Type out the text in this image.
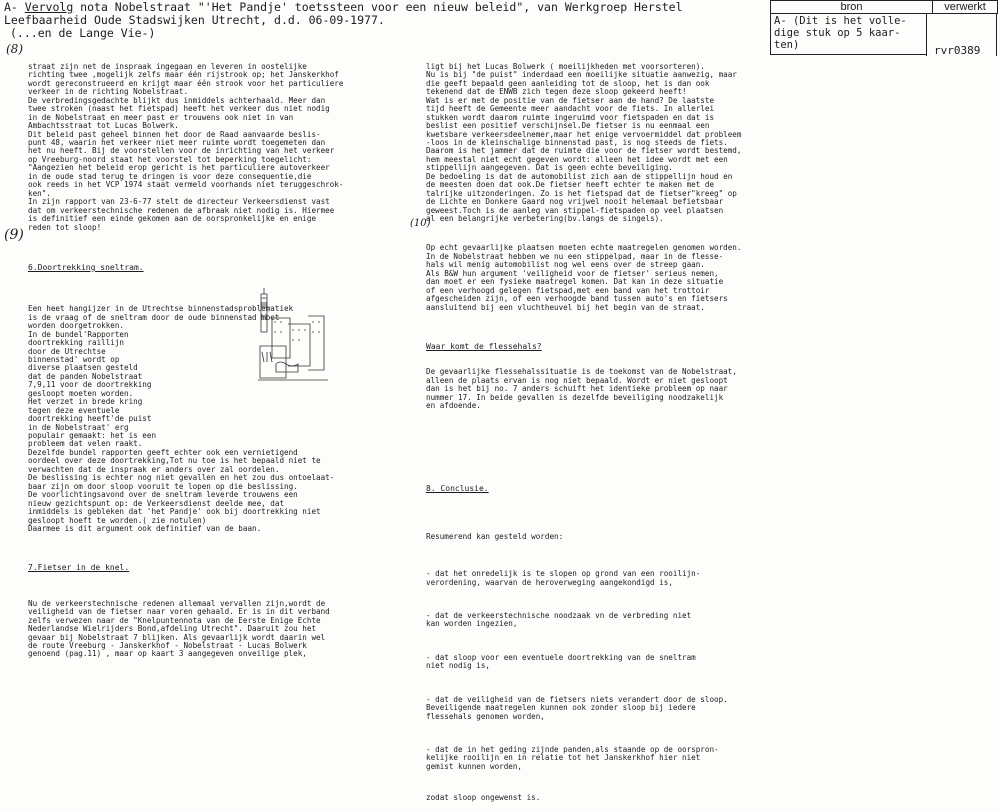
A- Vervolg nota Nobelstraat "'Het Pandje' toetssteen voor een nieuw beleid", van Werkgroep Herstel
Leefbaarheid Oude Stadswijken Utrecht, d.d. 06-09-1977.
(...en de Lange Vie-)
bron	verwerkt
A- (Dit is het volle-
dige stuk op 5 kaar-
ten)	rvr0389
(8)
(9)
(10)

straat zijn net de inspraak ingegaan en leveren in oostelijke
richting twee ,mogelijk zelfs maar één rijstrook op; het Janskerkhof
wordt gereconstrueerd en krijgt maar één strook voor het particuliere
verkeer in de richting Nobelstraat.
De verbredingsgedachte blijkt dus inmiddels achterhaald. Meer dan
twee stroken (naast het fietspad) heeft het verkeer dus niet nodig
in de Nobelstraat en meer past er trouwens ook niet in van
Ambachtsstraat tot Lucas Bolwerk.
Dit beleid past geheel binnen het door de Raad aanvaarde beslis-
punt 48, waarin het verkeer niet meer ruimte wordt toegemeten dan
het nu heeft. Bij de voorstellen voor de inrichting van het verkeer
op Vreeburg-noord staat het voorstel tot beperking toegelicht:
"Aangezien het beleid erop gericht is het particuliere autoverkeer
in de oude stad terug te dringen is voor deze consequentie,die
ook reeds in het VCP 1974 staat vermeld voorhands niet teruggeschrok-
ken".
In zijn rapport van 23-6-77 stelt de directeur Verkeersdienst vast
dat om verkeerstechnische redenen de afbraak niet nodig is. Hiermee
is definitief een einde gekomen aan de oorspronkelijke en enige
reden tot sloop!

6.Doortrekking sneltram.

Een heet hangijzer in de Utrechtse binnenstadsproblematiek
is de vraag of de sneltram door de oude binnenstad moet
worden doorgetrokken.
In de bundel'Rapporten
doortrekking raillijn
door de Utrechtse
binnenstad' wordt op
diverse plaatsen gesteld
dat de panden Nobelstraat
7,9,11 voor de doortrekking
gesloopt moeten worden.
Het verzet in brede kring
tegen deze eventuele
doortrekking heeft'de puist
in de Nobelstraat' erg
populair gemaakt: het is een
probleem dat velen raakt.
Dezelfde bundel rapporten geeft echter ook een vernietigend
oordeel over deze doortrekking,Tot nu toe is het bepaald niet te
verwachten dat de inspraak er anders over zal oordelen.
De beslissing is echter nog niet gevallen en het zou dus ontoelaat-
baar zijn om door sloop vooruit te lopen op die beslissing.
De voorlichtingsavond over de sneltram leverde trouwens een
nieuw gezichtspunt op: de Verkeersdienst deelde mee, dat
inmiddels is gebleken dat 'het Pandje' ook bij doortrekking niet
gesloopt hoeft te worden.( zie notulen)
Daarmee is dit argument ook definitief van de baan.

7.Fietser in de knel.

Nu de verkeerstechnische redenen allemaal vervallen zijn,wordt de
veiligheid van de fietser naar voren gehaald. Er is in dit verband
zelfs verwezen naar de "Knelpuntennota van de Eerste Enige Echte
Nederlandse Wielrijders Bond,afdeling Utrecht". Daaruit zou het
gevaar bij Nobelstraat 7 blijken. Als gevaarlijk wordt daarin wel
de route Vreeburg - Janskerkhof - Nobelstraat - Lucas Bolwerk
genoend (pag.11) , maar op kaart 3 aangegeven onveilige plek,

ligt bij het Lucas Bolwerk ( moeilijkheden met voorsorteren).
Nu is bij "de puist" inderdaad een moeilijke situatie aanwezig, maar
die geeft bepaald geen aanleiding tot de sloop, het is dan ook
tekenend dat de ENWB zich tegen deze sloop gekeerd heeft!
Wat is er met de positie van de fietser aan de hand? De laatste
tijd heeft de Gemeente meer aandacht voor de fiets. In allerlei
stukken wordt daarom ruimte ingeruimd voor fietspaden en dat is
beslist een positief verschijnsel.De fietser is nu eenmaal een
kwetsbare verkeersdeelnemer,maar het enige vervoermiddel dat probleem
-loos in de kleinschalige binnenstad past, is nog steeds de fiets.
Daarom is het jammer dat de ruimte die voor de fietser wordt bestemd,
hem meestal niet echt gegeven wordt: alleen het idee wordt met een
stippellijn aangegeven. Dat is geen echte beveiliging.
De bedoeling is dat de automobilist zich aan de stippellijn houd en
de meesten doen dat ook.De fietser heeft echter te maken met de
talrijke uitzonderingen. Zo is het fietspad dat de fietser"kreeg" op
de Lichte en Donkere Gaard nog vrijwel nooit helemaal befietsbaar
geweest.Toch is de aanleg van stippel-fietspaden op veel plaatsen
al een belangrijke verbetering(bv.langs de singels).

Op echt gevaarlijke plaatsen moeten echte maatregelen genomen worden.
In de Nobelstraat hebben we nu een stippelpad, maar in de flesse-
hals wil menig automobilist nog wel eens over de streep gaan.
Als B&W hun argument 'veiligheid voor de fietser' serieus nemen,
dan moet er een fysieke maatregel komen. Dat kan in deze situatie
of een verhoogd gelegen fietspad,met een band van het trottoir
afgescheiden zijn, of een verhoogde band tussen auto's en fietsers
aansluitend bij een vluchtheuvel bij het begin van de straat.

Waar komt de flessehals?

De gevaarlijke flessehalssituatie is de toekomst van de Nobelstraat,
alleen de plaats ervan is nog niet bepaald. Wordt er niet gesloopt
dan is het bij no. 7 anders schuift het identieke probleem op naar
nummer 17. In beide gevallen is dezelfde beveiliging noodzakelijk
en afdoende.

8. Conclusie.

Resumerend kan gesteld worden:

- dat het onredelijk is te slopen op grond van een rooilijn-
verordening, waarvan de heroverweging aangekondigd is,

- dat de verkeerstechnische noodzaak vn de verbreding niet
kan worden ingezien,

- dat sloop voor een eventuele doortrekking van de sneltram
niet nodig is,

- dat de veiligheid van de fietsers niets verandert door de sloop.
Beveiligende maatregelen kunnen ook zonder sloop bij iedere
flessehals genomen worden,

- dat de in het geding zijnde panden,als staande op de oorspron-
kelijke rooilijn en in relatie tot het Janskerkhof hier niet
gemist kunnen worden,

zodat sloop ongewenst is.
